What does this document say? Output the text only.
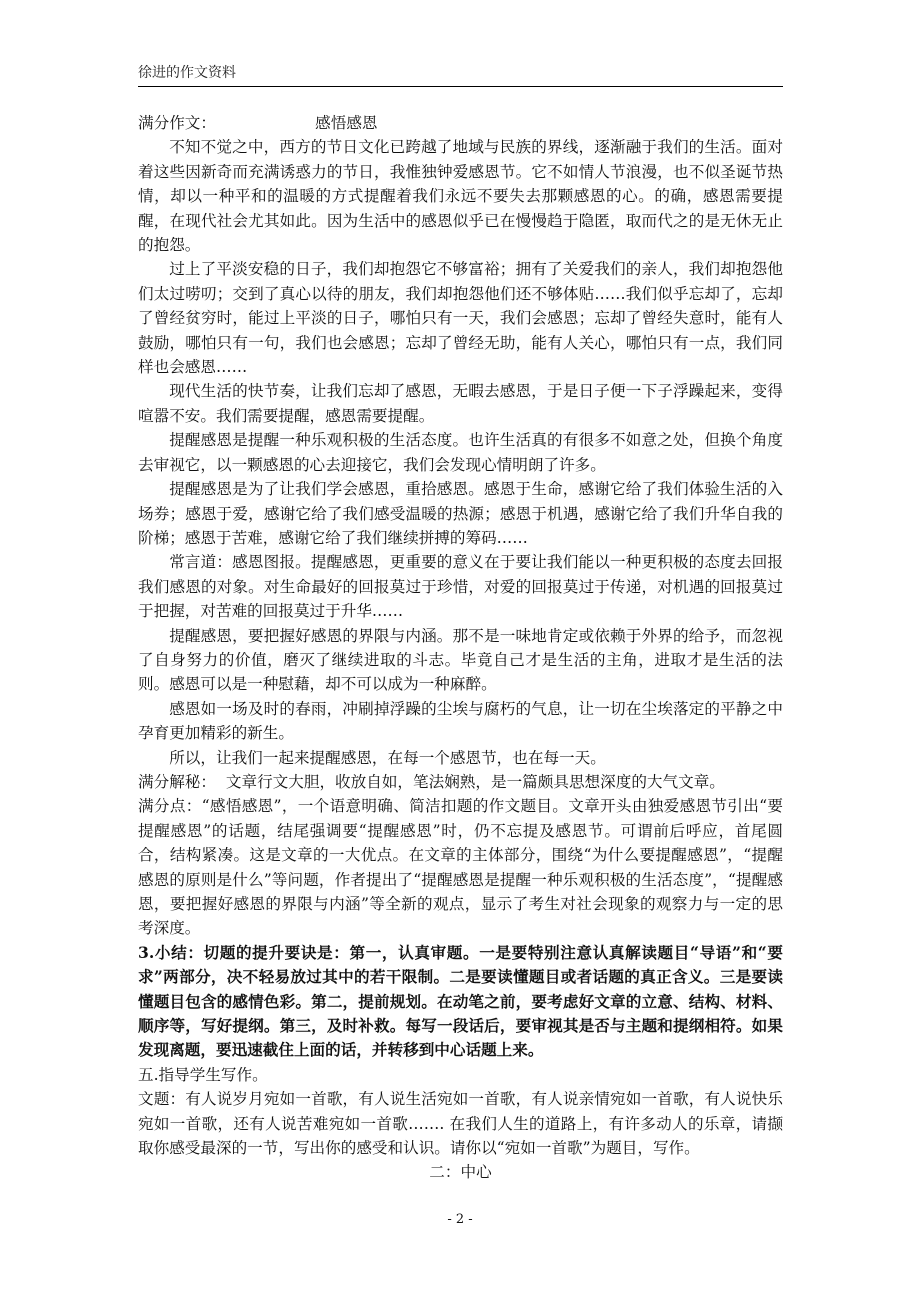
徐进的作文资料

满分作文：	感悟感恩

不知不觉之中，西方的节日文化已跨越了地域与民族的界线，逐渐融于我们的生活。面对着这些因新奇而充满诱惑力的节日，我惟独钟爱感恩节。它不如情人节浪漫，也不似圣诞节热情，却以一种平和的温暖的方式提醒着我们永远不要失去那颗感恩的心。的确，感恩需要提醒，在现代社会尤其如此。因为生活中的感恩似乎已在慢慢趋于隐匿，取而代之的是无休无止的抱怨。

过上了平淡安稳的日子，我们却抱怨它不够富裕；拥有了关爱我们的亲人，我们却抱怨他们太过唠叨；交到了真心以待的朋友，我们却抱怨他们还不够体贴……我们似乎忘却了，忘却了曾经贫穷时，能过上平淡的日子，哪怕只有一天，我们会感恩；忘却了曾经失意时，能有人鼓励，哪怕只有一句，我们也会感恩；忘却了曾经无助，能有人关心，哪怕只有一点，我们同样也会感恩……

现代生活的快节奏，让我们忘却了感恩，无暇去感恩，于是日子便一下子浮躁起来，变得喧嚣不安。我们需要提醒，感恩需要提醒。

提醒感恩是提醒一种乐观积极的生活态度。也许生活真的有很多不如意之处，但换个角度去审视它，以一颗感恩的心去迎接它，我们会发现心情明朗了许多。

提醒感恩是为了让我们学会感恩，重拾感恩。感恩于生命，感谢它给了我们体验生活的入场券；感恩于爱，感谢它给了我们感受温暖的热源；感恩于机遇，感谢它给了我们升华自我的阶梯；感恩于苦难，感谢它给了我们继续拼搏的筹码……

常言道：感恩图报。提醒感恩，更重要的意义在于要让我们能以一种更积极的态度去回报我们感恩的对象。对生命最好的回报莫过于珍惜，对爱的回报莫过于传递，对机遇的回报莫过于把握，对苦难的回报莫过于升华……

提醒感恩，要把握好感恩的界限与内涵。那不是一味地肯定或依赖于外界的给予，而忽视了自身努力的价值，磨灭了继续进取的斗志。毕竟自己才是生活的主角，进取才是生活的法则。感恩可以是一种慰藉，却不可以成为一种麻醉。

感恩如一场及时的春雨，冲刷掉浮躁的尘埃与腐朽的气息，让一切在尘埃落定的平静之中孕育更加精彩的新生。

所以，让我们一起来提醒感恩，在每一个感恩节，也在每一天。

满分解秘：  文章行文大胆，收放自如，笔法娴熟，是一篇颇具思想深度的大气文章。

满分点：“感悟感恩”，一个语意明确、简洁扣题的作文题目。文章开头由独爱感恩节引出“要提醒感恩”的话题，结尾强调要“提醒感恩”时，仍不忘提及感恩节。可谓前后呼应，首尾圆合，结构紧凑。这是文章的一大优点。在文章的主体部分，围绕“为什么要提醒感恩”，“提醒感恩的原则是什么”等问题，作者提出了“提醒感恩是提醒一种乐观积极的生活态度”，“提醒感恩，要把握好感恩的界限与内涵”等全新的观点，显示了考生对社会现象的观察力与一定的思考深度。

3.小结：切题的提升要诀是：第一，认真审题。一是要特别注意认真解读题目“导语”和“要求”两部分，决不轻易放过其中的若干限制。二是要读懂题目或者话题的真正含义。三是要读懂题目包含的感情色彩。第二，提前规划。在动笔之前，要考虑好文章的立意、结构、材料、顺序等，写好提纲。第三，及时补救。每写一段话后，要审视其是否与主题和提纲相符。如果发现离题，要迅速截住上面的话，并转移到中心话题上来。

五.指导学生写作。

文题：有人说岁月宛如一首歌，有人说生活宛如一首歌，有人说亲情宛如一首歌，有人说快乐宛如一首歌，还有人说苦难宛如一首歌……. 在我们人生的道路上，有许多动人的乐章，请撷取你感受最深的一节，写出你的感受和认识。请你以“宛如一首歌”为题目，写作。

二：中心

- 2 -
